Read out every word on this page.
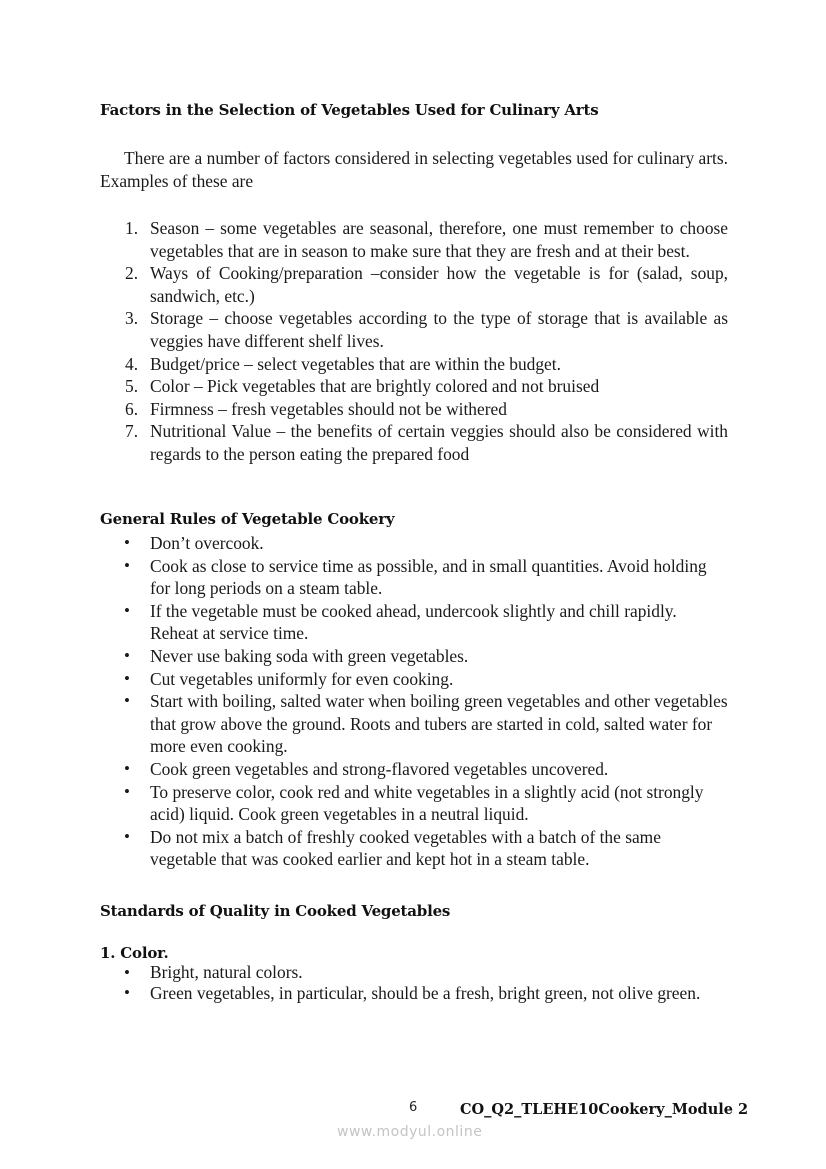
Factors in the Selection of Vegetables Used for Culinary Arts
There are a number of factors considered in selecting vegetables used for culinary arts. Examples of these are
1. Season – some vegetables are seasonal, therefore, one must remember to choose vegetables that are in season to make sure that they are fresh and at their best.
2. Ways of Cooking/preparation –consider how the vegetable is for (salad, soup, sandwich, etc.)
3. Storage – choose vegetables according to the type of storage that is available as veggies have different shelf lives.
4. Budget/price – select vegetables that are within the budget.
5. Color – Pick vegetables that are brightly colored and not bruised
6. Firmness – fresh vegetables should not be withered
7. Nutritional Value – the benefits of certain veggies should also be considered with regards to the person eating the prepared food
General Rules of Vegetable Cookery
• Don’t overcook.
• Cook as close to service time as possible, and in small quantities. Avoid holding for long periods on a steam table.
• If the vegetable must be cooked ahead, undercook slightly and chill rapidly. Reheat at service time.
• Never use baking soda with green vegetables.
• Cut vegetables uniformly for even cooking.
• Start with boiling, salted water when boiling green vegetables and other vegetables that grow above the ground. Roots and tubers are started in cold, salted water for more even cooking.
• Cook green vegetables and strong-flavored vegetables uncovered.
• To preserve color, cook red and white vegetables in a slightly acid (not strongly acid) liquid. Cook green vegetables in a neutral liquid.
• Do not mix a batch of freshly cooked vegetables with a batch of the same vegetable that was cooked earlier and kept hot in a steam table.
Standards of Quality in Cooked Vegetables
1. Color.
• Bright, natural colors.
• Green vegetables, in particular, should be a fresh, bright green, not olive green.
6	CO_Q2_TLEHE10Cookery_Module 2
www.modyul.online
